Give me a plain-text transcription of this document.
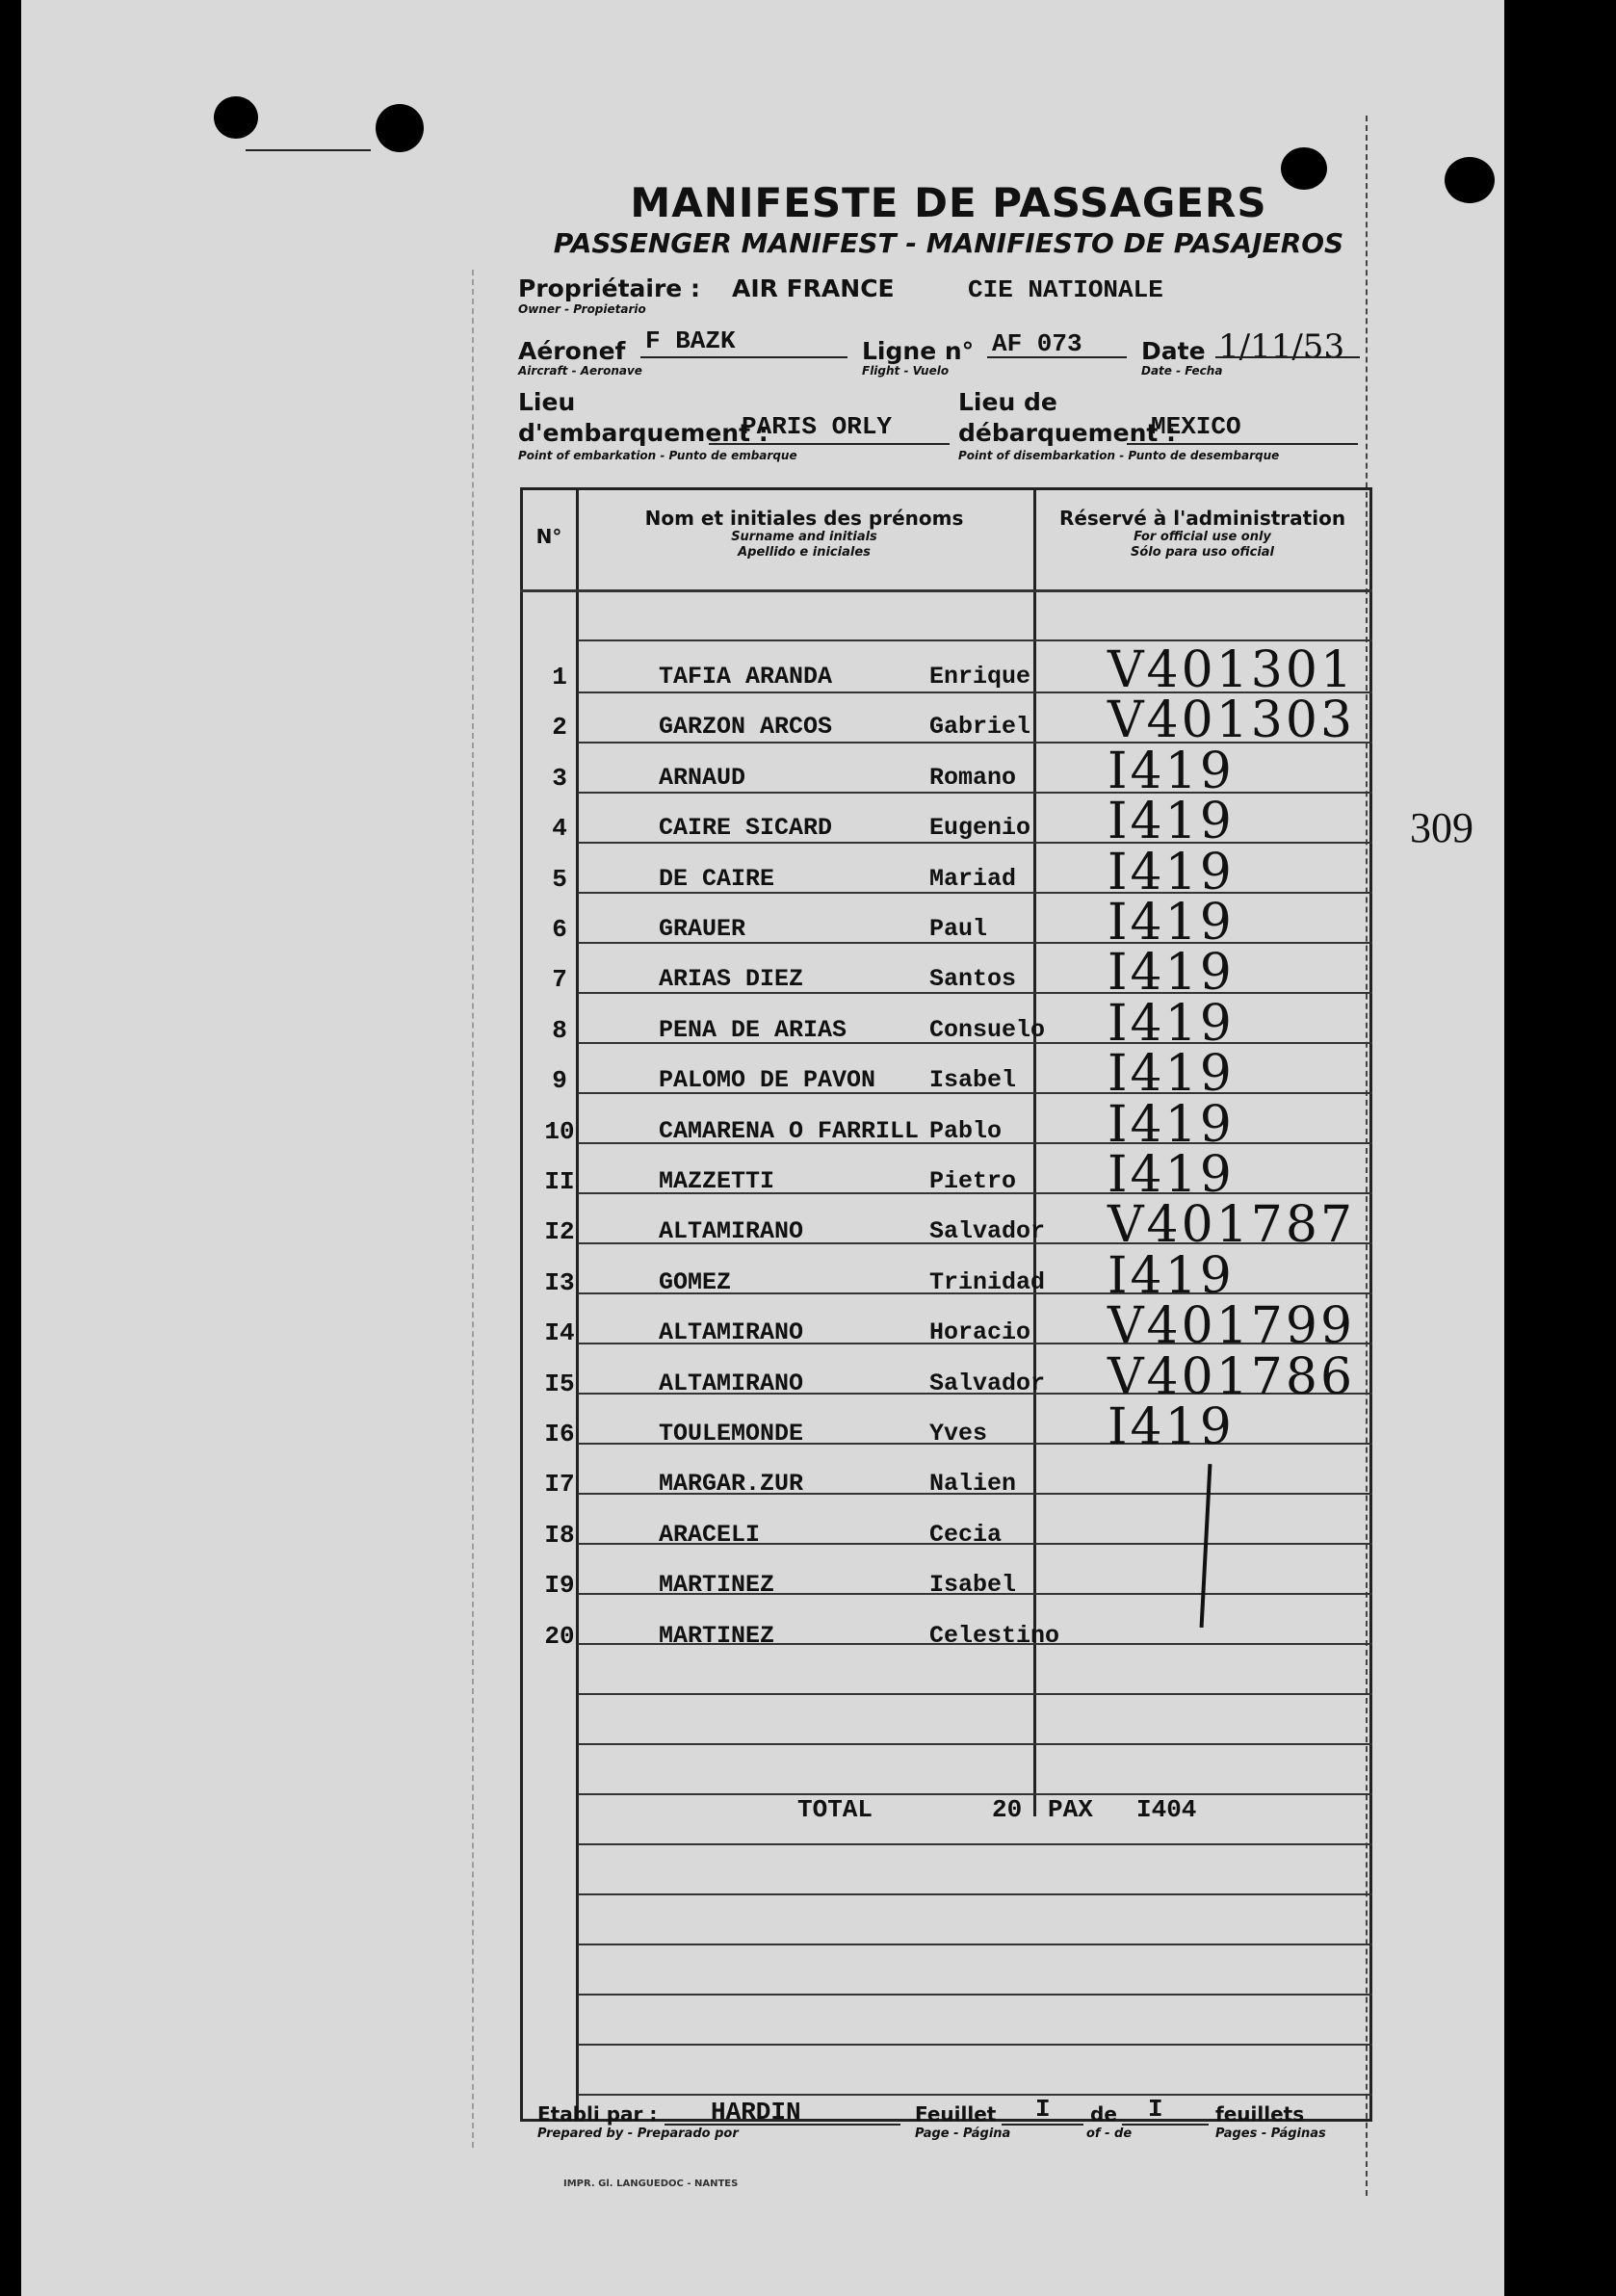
MANIFESTE DE PASSAGERS
PASSENGER MANIFEST - MANIFIESTO DE PASAJEROS
Propriétaire :
Owner - Propietario
AIR FRANCE	CIE NATIONALE
Aéronef
Aircraft - Aeronave
F BAZK	Ligne n°
Flight - Vuelo
AF 073 Date
Date - Fecha
1/11/53
Lieu
d'embarquement :
Point of embarkation - Punto de embarque
PARIS ORLY
Lieu de
débarquement :
Point of disembarkation - Punto de desembarque
MEXICO
N°
Nom et initiales des prénoms
Surname and initials
Apellido e iniciales
Réservé à l'administration
For official use only
Sólo para uso oficial
1	TAFIA ARANDA	Enrique V401301
2	GARZON ARCOS	Gabriel V401303
3	ARNAUD	Romano I419
4	CAIRE SICARD	Eugenio I419
5	DE CAIRE	Mariad I419
6	GRAUER	Paul I419
7	ARIAS DIEZ	Santos I419
8	PENA DE ARIAS	Consuelo I419
9	PALOMO DE PAVON Isabel I419
10	CAMARENA O FARRILL Pablo I419
II	MAZZETTI	Pietro I419
I2	ALTAMIRANO	Salvador V401787
I3	GOMEZ	Trinidad I419
I4	ALTAMIRANO	Horacio V401799
I5	ALTAMIRANO	Salvador V401786
I6	TOULEMONDE	Yves I419
I7	MARGAR.ZUR	Nalien
I8	ARACELI	Cecia
I9	MARTINEZ	Isabel
20	MARTINEZ	Celestino
TOTAL	20 PAX I404
Etabli par :
Prepared by - Preparado por
HARDIN	Feuillet
Page - Página
I de
of - de
I	feuillets
Pages - Páginas
IMPR. Gl. LANGUEDOC - NANTES
309
